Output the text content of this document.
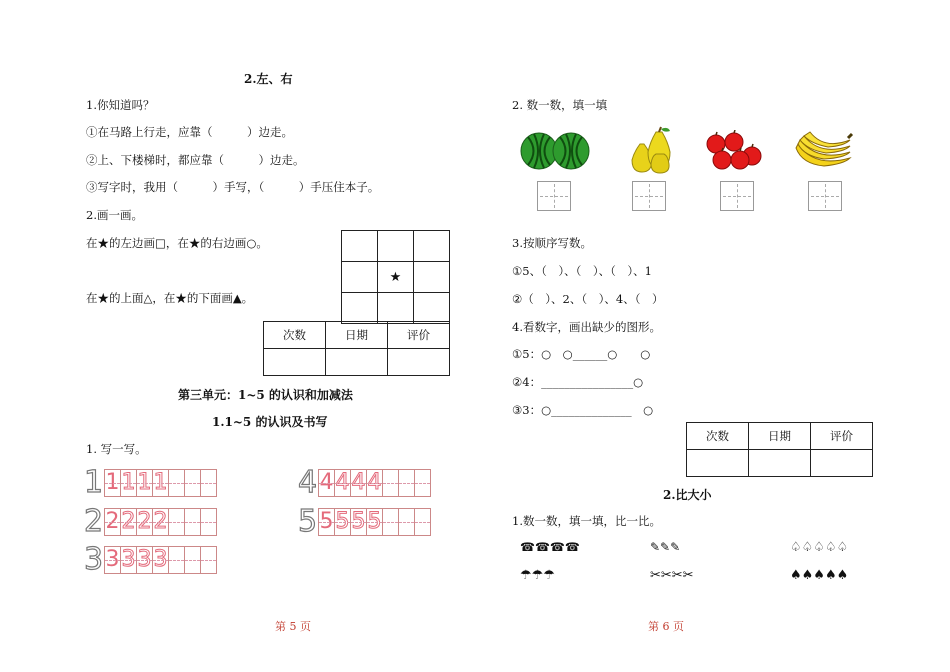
2.左、右
1.你知道吗？
①在马路上行走，应靠（　　　）边走。
②上、下楼梯时，都应靠（　　　）边走。
③写字时，我用（　　　）手写，（　　　）手压住本子。
2.画一画。
在★的左边画□，在★的右边画○。
在★的上面△，在★的下面画▲。

	★	

次数	日期	评价

第三单元：1~5 的认识和加减法
1.1~5 的认识及书写
1. 写一写。
1 1 1 1 1
2 2 2 2 2
3 3 3 3 3
4 4 4 4 4
5 5 5 5 5
第 5 页
2. 数一数，填一填
3.按顺序写数。
①5、（　）、（　）、（　）、1
②（　）、2、（　）、4、（　）
4.看数字，画出缺少的图形。
①5：○　○______○　　○
②4：________________○
③3：○______________　○
次数	日期	评价

2.比大小
1.数一数，填一填，比一比。
☎☎☎☎	✎✎✎	♤♤♤♤♤
☂☂☂	✂✂✂✂	♠♠♠♠♠
第 6 页
